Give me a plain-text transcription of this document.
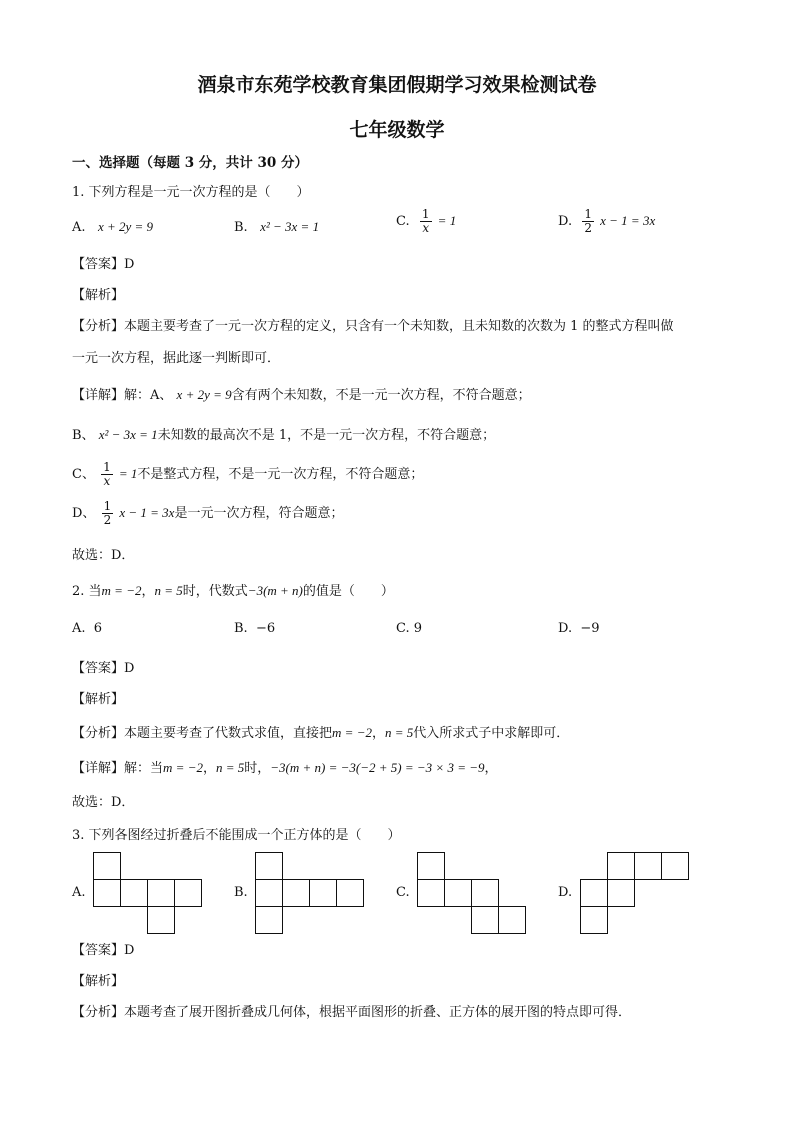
酒泉市东苑学校教育集团假期学习效果检测试卷
七年级数学
一、选择题（每题 3 分，共计 30 分）
1. 下列方程是一元一次方程的是（　　）
A. x + 2y = 9	B. x² − 3x = 1	C. $\frac{1}{x} = 1$	D. $\frac{1}{2}$ x − 1 = 3x
【答案】D
【解析】
【分析】本题主要考查了一元一次方程的定义，只含有一个未知数，且未知数的次数为 1 的整式方程叫做
一元一次方程，据此逐一判断即可．
【详解】解：A、 x + 2y = 9含有两个未知数，不是一元一次方程，不符合题意；
B、 x² − 3x = 1未知数的最高次不是 1，不是一元一次方程，不符合题意；
C、 $\frac{1}{x} = 1$不是整式方程，不是一元一次方程，不符合题意；
D、 $\frac{1}{2}$ x − 1 = 3x是一元一次方程，符合题意；
故选：D．
2. 当m = −2，n = 5时，代数式−3(m + n)的值是（　　）
A. 6	B. −6	C. 9	D. −9
【答案】D
【解析】
【分析】本题主要考查了代数式求值，直接把m = −2，n = 5代入所求式子中求解即可．
【详解】解：当m = −2，n = 5时，−3(m + n) = −3(−2 + 5) = −3 × 3 = −9，
故选：D．
3. 下列各图经过折叠后不能围成一个正方体的是（　　）
A.	B.	C.	D.
【答案】D
【解析】
【分析】本题考查了展开图折叠成几何体，根据平面图形的折叠、正方体的展开图的特点即可得．
